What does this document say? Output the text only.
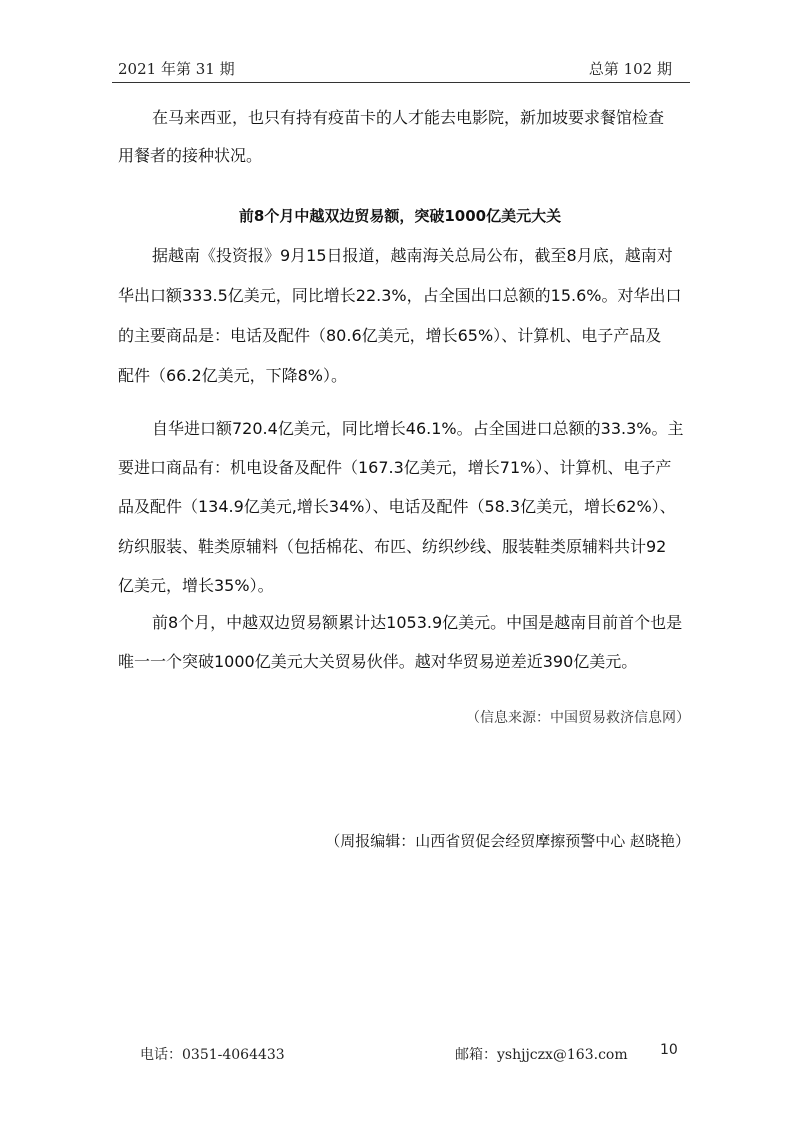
2021 年第 31 期	总第 102 期
在马来西亚，也只有持有疫苗卡的人才能去电影院，新加坡要求餐馆检查
用餐者的接种状况。
前8个月中越双边贸易额，突破1000亿美元大关
据越南《投资报》9月15日报道，越南海关总局公布，截至8月底，越南对
华出口额333.5亿美元，同比增长22.3%，占全国出口总额的15.6%。对华出口
的主要商品是：电话及配件（80.6亿美元，增长65%）、计算机、电子产品及
配件（66.2亿美元，下降8%）。
自华进口额720.4亿美元，同比增长46.1%。占全国进口总额的33.3%。主
要进口商品有：机电设备及配件（167.3亿美元，增长71%）、计算机、电子产
品及配件（134.9亿美元,增长34%）、电话及配件（58.3亿美元，增长62%）、
纺织服装、鞋类原辅料（包括棉花、布匹、纺织纱线、服装鞋类原辅料共计92
亿美元，增长35%）。
前8个月，中越双边贸易额累计达1053.9亿美元。中国是越南目前首个也是
唯一一个突破1000亿美元大关贸易伙伴。越对华贸易逆差近390亿美元。
（信息来源：中国贸易救济信息网）
（周报编辑：山西省贸促会经贸摩擦预警中心 赵晓艳）
电话：0351-4064433	邮箱：yshjjczx@163.com 10
